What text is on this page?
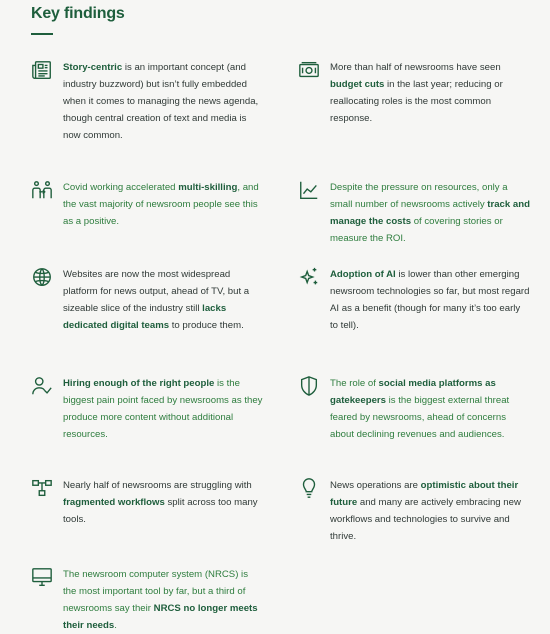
Key findings
Story-centric is an important concept (and industry buzzword) but isn’t fully embedded when it comes to managing the news agenda, though central creation of text and media is now common.
More than half of newsrooms have seen budget cuts in the last year; reducing or reallocating roles is the most common response.
Covid working accelerated multi-skilling, and the vast majority of newsroom people see this as a positive.
Despite the pressure on resources, only a small number of newsrooms actively track and manage the costs of covering stories or measure the ROI.
Websites are now the most widespread platform for news output, ahead of TV, but a sizeable slice of the industry still lacks dedicated digital teams to produce them.
Adoption of AI is lower than other emerging newsroom technologies so far, but most regard AI as a benefit (though for many it’s too early to tell).
Hiring enough of the right people is the biggest pain point faced by newsrooms as they produce more content without additional resources.
The role of social media platforms as gatekeepers is the biggest external threat feared by newsrooms, ahead of concerns about declining revenues and audiences.
Nearly half of newsrooms are struggling with fragmented workflows split across too many tools.
News operations are optimistic about their future and many are actively embracing new workflows and technologies to survive and thrive.
The newsroom computer system (NRCS) is the most important tool by far, but a third of newsrooms say their NRCS no longer meets their needs.
